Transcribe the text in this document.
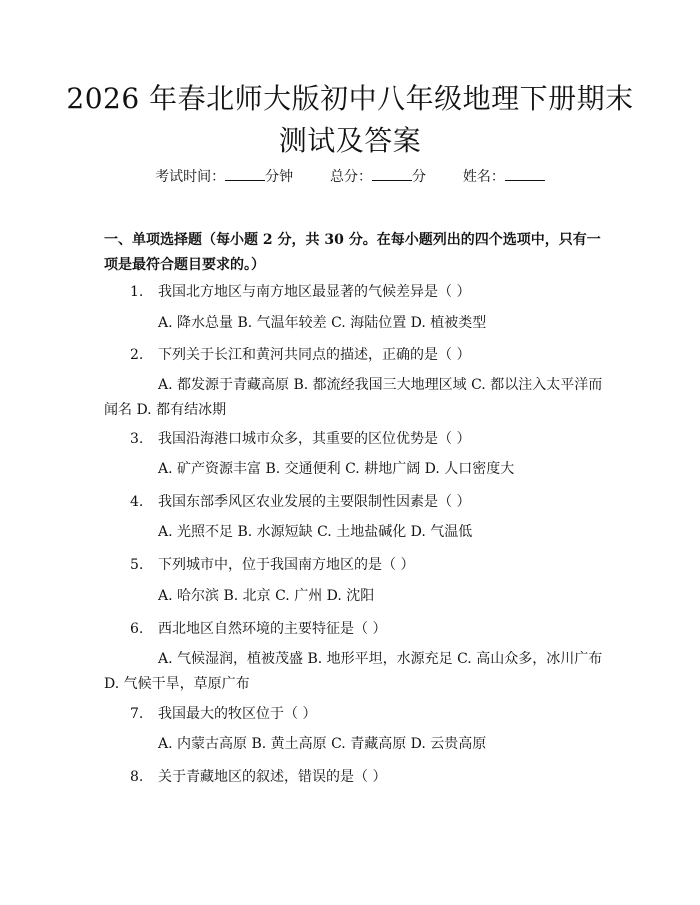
2026 年春北师大版初中八年级地理下册期末测试及答案
考试时间：	分钟	总分：	分	姓名：
一、单项选择题（每小题 2 分，共 30 分。在每小题列出的四个选项中，只有一项是最符合题目要求的。）
1. 我国北方地区与南方地区最显著的气候差异是（ ）
A. 降水总量 B. 气温年较差 C. 海陆位置 D. 植被类型
2. 下列关于长江和黄河共同点的描述，正确的是（ ）
A. 都发源于青藏高原 B. 都流经我国三大地理区域 C. 都以注入太平洋而闻名 D. 都有结冰期
3. 我国沿海港口城市众多，其重要的区位优势是（ ）
A. 矿产资源丰富 B. 交通便利 C. 耕地广阔 D. 人口密度大
4. 我国东部季风区农业发展的主要限制性因素是（ ）
A. 光照不足 B. 水源短缺 C. 土地盐碱化 D. 气温低
5. 下列城市中，位于我国南方地区的是（ ）
A. 哈尔滨 B. 北京 C. 广州 D. 沈阳
6. 西北地区自然环境的主要特征是（ ）
A. 气候湿润，植被茂盛 B. 地形平坦，水源充足 C. 高山众多，冰川广布 D. 气候干旱，草原广布
7. 我国最大的牧区位于（ ）
A. 内蒙古高原 B. 黄土高原 C. 青藏高原 D. 云贵高原
8. 关于青藏地区的叙述，错误的是（ ）
